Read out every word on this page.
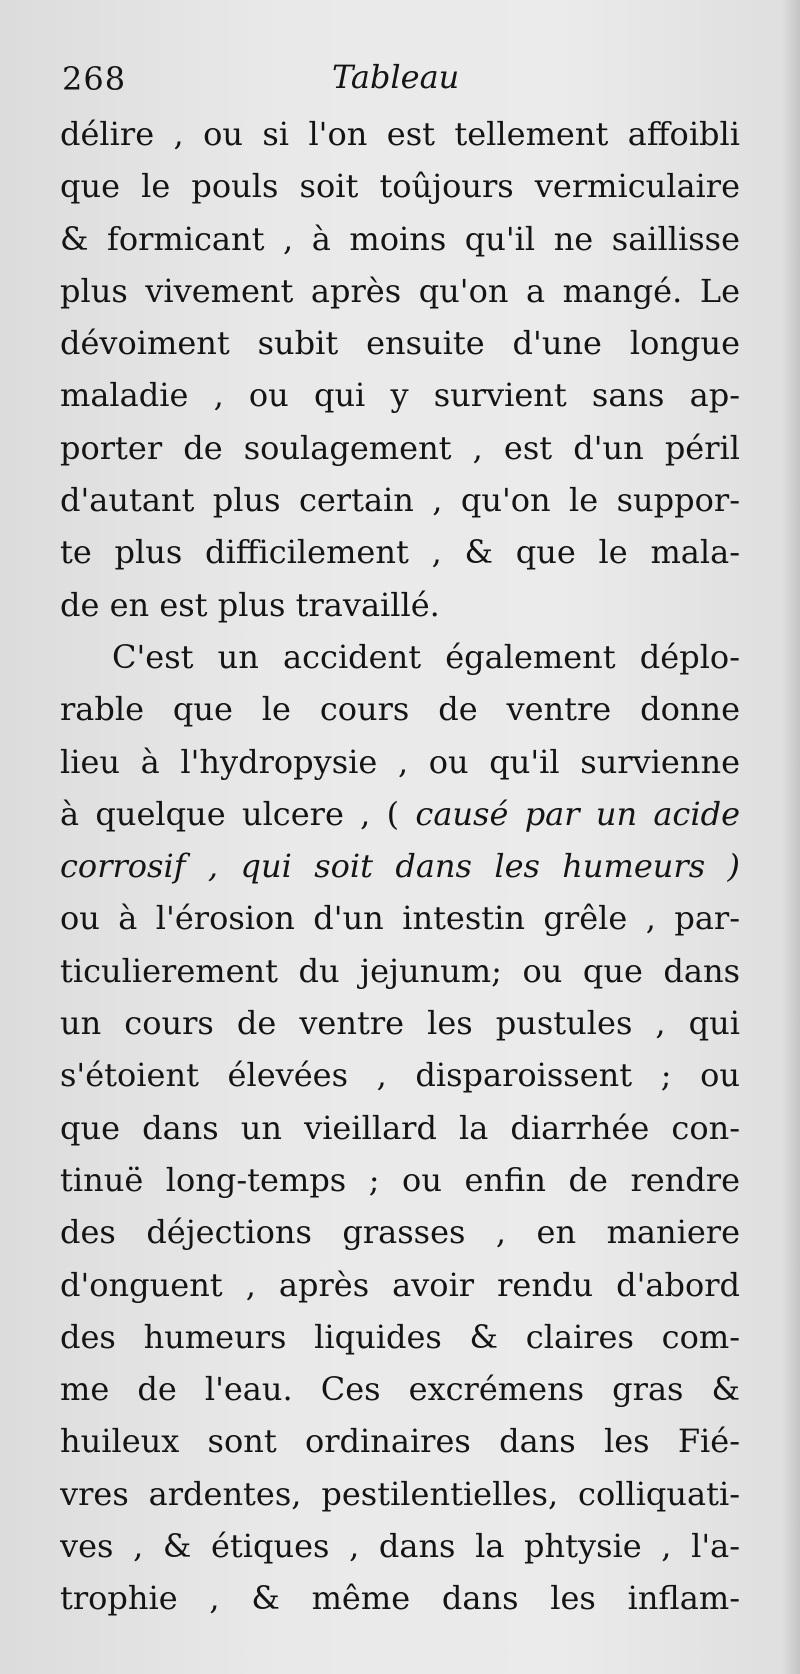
268	Tableau
délire , ou si l'on est tellement affoibli
que le pouls soit toûjours vermiculaire
& formicant , à moins qu'il ne saillisse
plus vivement après qu'on a mangé. Le
dévoiment subit ensuite d'une longue
maladie , ou qui y survient sans ap-
porter de soulagement , est d'un péril
d'autant plus certain , qu'on le suppor-
te plus difficilement , & que le mala-
de en est plus travaillé.
C'est un accident également déplo-
rable que le cours de ventre donne
lieu à l'hydropysie , ou qu'il survienne
à quelque ulcere , ( causé par un acide
corrosif , qui soit dans les humeurs )
ou à l'érosion d'un intestin grêle , par-
ticulierement du jejunum; ou que dans
un cours de ventre les pustules , qui
s'étoient élevées , disparoissent ; ou
que dans un vieillard la diarrhée con-
tinuë long-temps ; ou enfin de rendre
des déjections grasses , en maniere
d'onguent , après avoir rendu d'abord
des humeurs liquides & claires com-
me de l'eau. Ces excrémens gras &
huileux sont ordinaires dans les Fié-
vres ardentes, pestilentielles, colliquati-
ves , & étiques , dans la phtysie , l'a-
trophie , & même dans les inflam-
